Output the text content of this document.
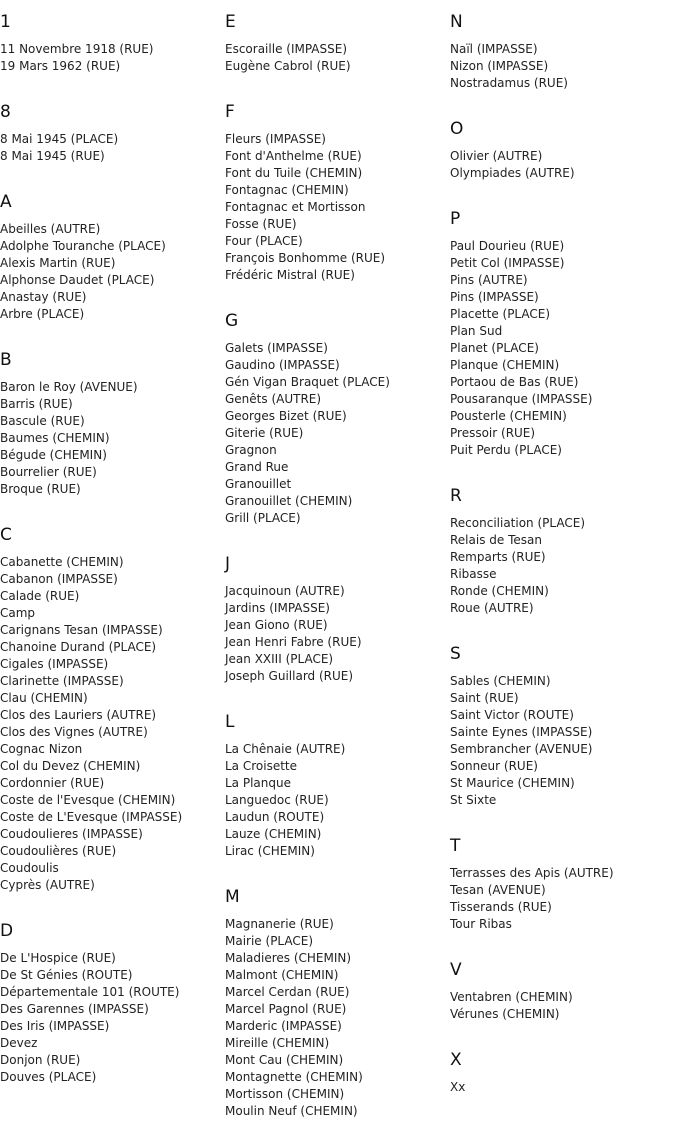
1
11 Novembre 1918 (RUE)
19 Mars 1962 (RUE)
8
8 Mai 1945 (PLACE)
8 Mai 1945 (RUE)
A
Abeilles (AUTRE)
Adolphe Touranche (PLACE)
Alexis Martin (RUE)
Alphonse Daudet (PLACE)
Anastay (RUE)
Arbre (PLACE)
B
Baron le Roy (AVENUE)
Barris (RUE)
Bascule (RUE)
Baumes (CHEMIN)
Bégude (CHEMIN)
Bourrelier (RUE)
Broque (RUE)
C
Cabanette (CHEMIN)
Cabanon (IMPASSE)
Calade (RUE)
Camp
Carignans Tesan (IMPASSE)
Chanoine Durand (PLACE)
Cigales (IMPASSE)
Clarinette (IMPASSE)
Clau (CHEMIN)
Clos des Lauriers (AUTRE)
Clos des Vignes (AUTRE)
Cognac Nizon
Col du Devez (CHEMIN)
Cordonnier (RUE)
Coste de l'Evesque (CHEMIN)
Coste de L'Evesque (IMPASSE)
Coudoulieres (IMPASSE)
Coudoulières (RUE)
Coudoulis
Cyprès (AUTRE)
D
De L'Hospice (RUE)
De St Génies (ROUTE)
Départementale 101 (ROUTE)
Des Garennes (IMPASSE)
Des Iris (IMPASSE)
Devez
Donjon (RUE)
Douves (PLACE)
E
Escoraille (IMPASSE)
Eugène Cabrol (RUE)
F
Fleurs (IMPASSE)
Font d'Anthelme (RUE)
Font du Tuile (CHEMIN)
Fontagnac (CHEMIN)
Fontagnac et Mortisson
Fosse (RUE)
Four (PLACE)
François Bonhomme (RUE)
Frédéric Mistral (RUE)
G
Galets (IMPASSE)
Gaudino (IMPASSE)
Gén Vigan Braquet (PLACE)
Genêts (AUTRE)
Georges Bizet (RUE)
Giterie (RUE)
Gragnon
Grand Rue
Granouillet
Granouillet (CHEMIN)
Grill (PLACE)
J
Jacquinoun (AUTRE)
Jardins (IMPASSE)
Jean Giono (RUE)
Jean Henri Fabre (RUE)
Jean XXIII (PLACE)
Joseph Guillard (RUE)
L
La Chênaie (AUTRE)
La Croisette
La Planque
Languedoc (RUE)
Laudun (ROUTE)
Lauze (CHEMIN)
Lirac (CHEMIN)
M
Magnanerie (RUE)
Mairie (PLACE)
Maladieres (CHEMIN)
Malmont (CHEMIN)
Marcel Cerdan (RUE)
Marcel Pagnol (RUE)
Marderic (IMPASSE)
Mireille (CHEMIN)
Mont Cau (CHEMIN)
Montagnette (CHEMIN)
Mortisson (CHEMIN)
Moulin Neuf (CHEMIN)
N
Naïl (IMPASSE)
Nizon (IMPASSE)
Nostradamus (RUE)
O
Olivier (AUTRE)
Olympiades (AUTRE)
P
Paul Dourieu (RUE)
Petit Col (IMPASSE)
Pins (AUTRE)
Pins (IMPASSE)
Placette (PLACE)
Plan Sud
Planet (PLACE)
Planque (CHEMIN)
Portaou de Bas (RUE)
Pousaranque (IMPASSE)
Pousterle (CHEMIN)
Pressoir (RUE)
Puit Perdu (PLACE)
R
Reconciliation (PLACE)
Relais de Tesan
Remparts (RUE)
Ribasse
Ronde (CHEMIN)
Roue (AUTRE)
S
Sables (CHEMIN)
Saint (RUE)
Saint Victor (ROUTE)
Sainte Eynes (IMPASSE)
Sembrancher (AVENUE)
Sonneur (RUE)
St Maurice (CHEMIN)
St Sixte
T
Terrasses des Apis (AUTRE)
Tesan (AVENUE)
Tisserands (RUE)
Tour Ribas
V
Ventabren (CHEMIN)
Vérunes (CHEMIN)
X
Xx
